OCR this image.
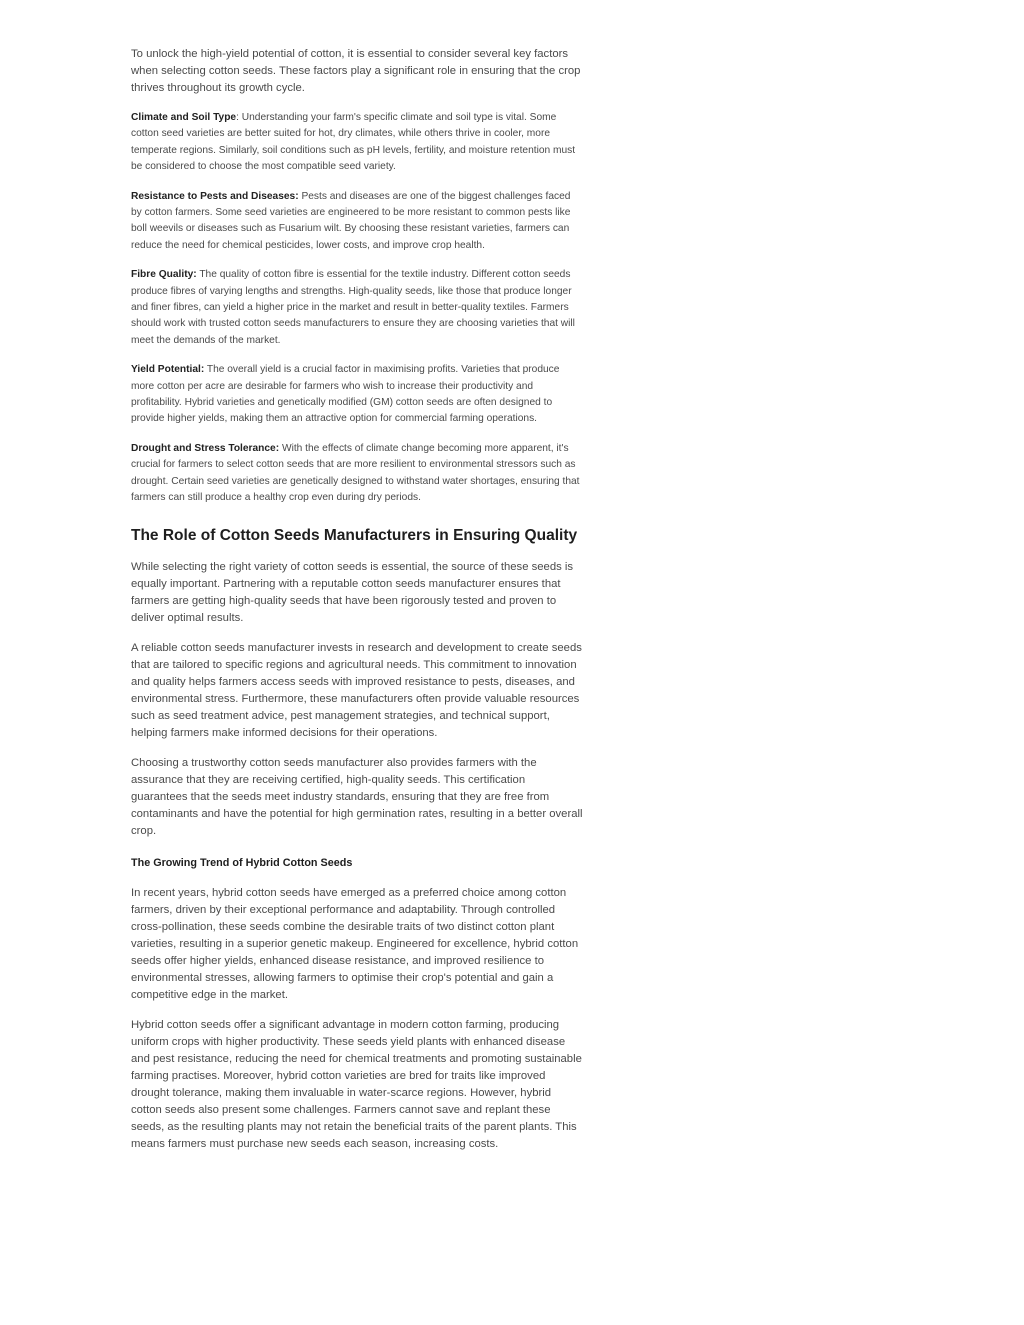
To unlock the high-yield potential of cotton, it is essential to consider several key factors when selecting cotton seeds. These factors play a significant role in ensuring that the crop thrives throughout its growth cycle.

Climate and Soil Type: Understanding your farm's specific climate and soil type is vital. Some cotton seed varieties are better suited for hot, dry climates, while others thrive in cooler, more temperate regions. Similarly, soil conditions such as pH levels, fertility, and moisture retention must be considered to choose the most compatible seed variety.

Resistance to Pests and Diseases: Pests and diseases are one of the biggest challenges faced by cotton farmers. Some seed varieties are engineered to be more resistant to common pests like boll weevils or diseases such as Fusarium wilt. By choosing these resistant varieties, farmers can reduce the need for chemical pesticides, lower costs, and improve crop health.

Fibre Quality: The quality of cotton fibre is essential for the textile industry. Different cotton seeds produce fibres of varying lengths and strengths. High-quality seeds, like those that produce longer and finer fibres, can yield a higher price in the market and result in better-quality textiles. Farmers should work with trusted cotton seeds manufacturers to ensure they are choosing varieties that will meet the demands of the market.

Yield Potential: The overall yield is a crucial factor in maximising profits. Varieties that produce more cotton per acre are desirable for farmers who wish to increase their productivity and profitability. Hybrid varieties and genetically modified (GM) cotton seeds are often designed to provide higher yields, making them an attractive option for commercial farming operations.

Drought and Stress Tolerance: With the effects of climate change becoming more apparent, it's crucial for farmers to select cotton seeds that are more resilient to environmental stressors such as drought. Certain seed varieties are genetically designed to withstand water shortages, ensuring that farmers can still produce a healthy crop even during dry periods.

The Role of Cotton Seeds Manufacturers in Ensuring Quality

While selecting the right variety of cotton seeds is essential, the source of these seeds is equally important. Partnering with a reputable cotton seeds manufacturer ensures that farmers are getting high-quality seeds that have been rigorously tested and proven to deliver optimal results.

A reliable cotton seeds manufacturer invests in research and development to create seeds that are tailored to specific regions and agricultural needs. This commitment to innovation and quality helps farmers access seeds with improved resistance to pests, diseases, and environmental stress. Furthermore, these manufacturers often provide valuable resources such as seed treatment advice, pest management strategies, and technical support, helping farmers make informed decisions for their operations.

Choosing a trustworthy cotton seeds manufacturer also provides farmers with the assurance that they are receiving certified, high-quality seeds. This certification guarantees that the seeds meet industry standards, ensuring that they are free from contaminants and have the potential for high germination rates, resulting in a better overall crop.

The Growing Trend of Hybrid Cotton Seeds

In recent years, hybrid cotton seeds have emerged as a preferred choice among cotton farmers, driven by their exceptional performance and adaptability. Through controlled cross-pollination, these seeds combine the desirable traits of two distinct cotton plant varieties, resulting in a superior genetic makeup. Engineered for excellence, hybrid cotton seeds offer higher yields, enhanced disease resistance, and improved resilience to environmental stresses, allowing farmers to optimise their crop's potential and gain a competitive edge in the market.

Hybrid cotton seeds offer a significant advantage in modern cotton farming, producing uniform crops with higher productivity. These seeds yield plants with enhanced disease and pest resistance, reducing the need for chemical treatments and promoting sustainable farming practises. Moreover, hybrid cotton varieties are bred for traits like improved drought tolerance, making them invaluable in water-scarce regions. However, hybrid cotton seeds also present some challenges. Farmers cannot save and replant these seeds, as the resulting plants may not retain the beneficial traits of the parent plants. This means farmers must purchase new seeds each season, increasing costs.
